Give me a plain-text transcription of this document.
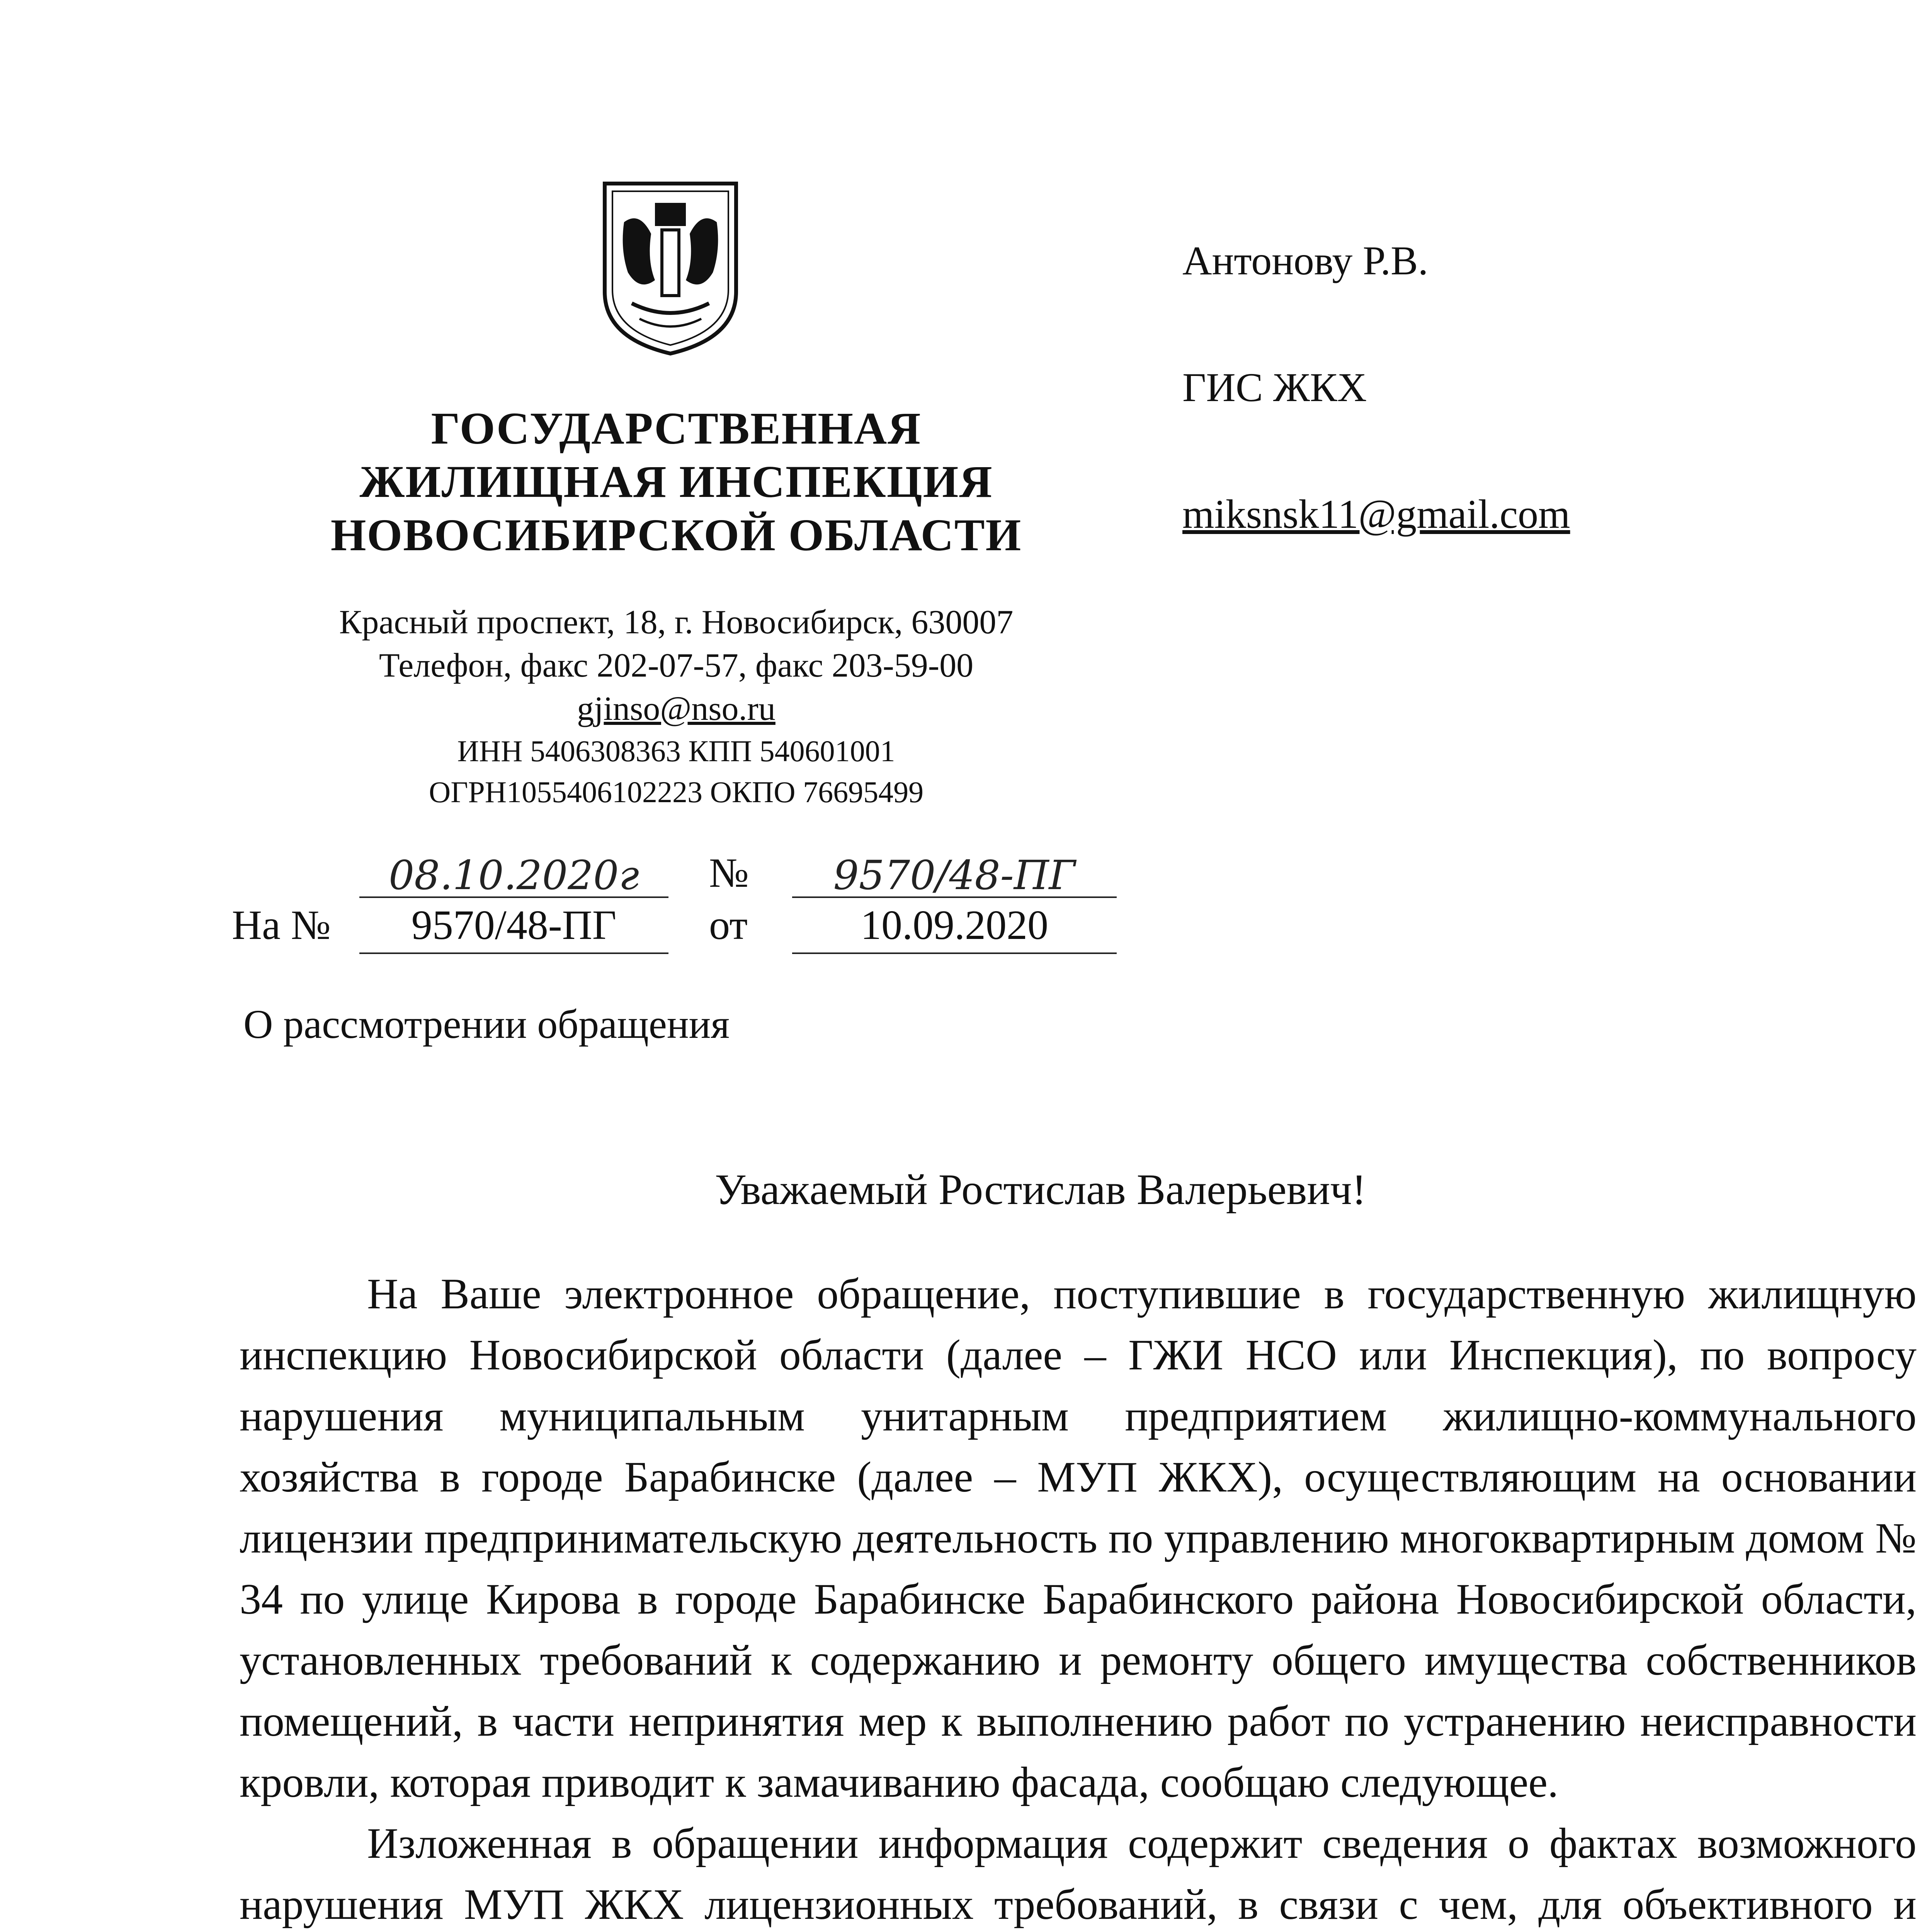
ГОСУДАРСТВЕННАЯ
ЖИЛИЩНАЯ ИНСПЕКЦИЯ
НОВОСИБИРСКОЙ ОБЛАСТИ
Красный проспект, 18, г. Новосибирск, 630007
Телефон, факс 202-07-57, факс 203-59-00
gjinso@nso.ru
ИНН 5406308363 КПП 540601001
ОГРН1055406102223 ОКПО 76695499
Антонову Р.В.
ГИС ЖКХ
miksnsk11@gmail.com
08.10.2020г	№	9570/48-ПГ
На №	9570/48-ПГ	от	10.09.2020
О рассмотрении обращения
Уважаемый Ростислав Валерьевич!

На Ваше электронное обращение, поступившие в государственную жилищную инспекцию Новосибирской области (далее – ГЖИ НСО или Инспекция), по вопросу нарушения муниципальным унитарным предприятием жилищно-коммунального хозяйства в городе Барабинске (далее – МУП ЖКХ), осуществляющим на основании лицензии предпринимательскую деятельность по управлению многоквартирным домом № 34 по улице Кирова в городе Барабинске Барабинского района Новосибирской области, установленных требований к содержанию и ремонту общего имущества собственников помещений, в части непринятия мер к выполнению работ по устранению неисправности кровли, которая приводит к замачиванию фасада, сообщаю следующее.

Изложенная в обращении информация содержит сведения о фактах возможного нарушения МУП ЖКХ лицензионных требований, в связи с чем, для объективного и
